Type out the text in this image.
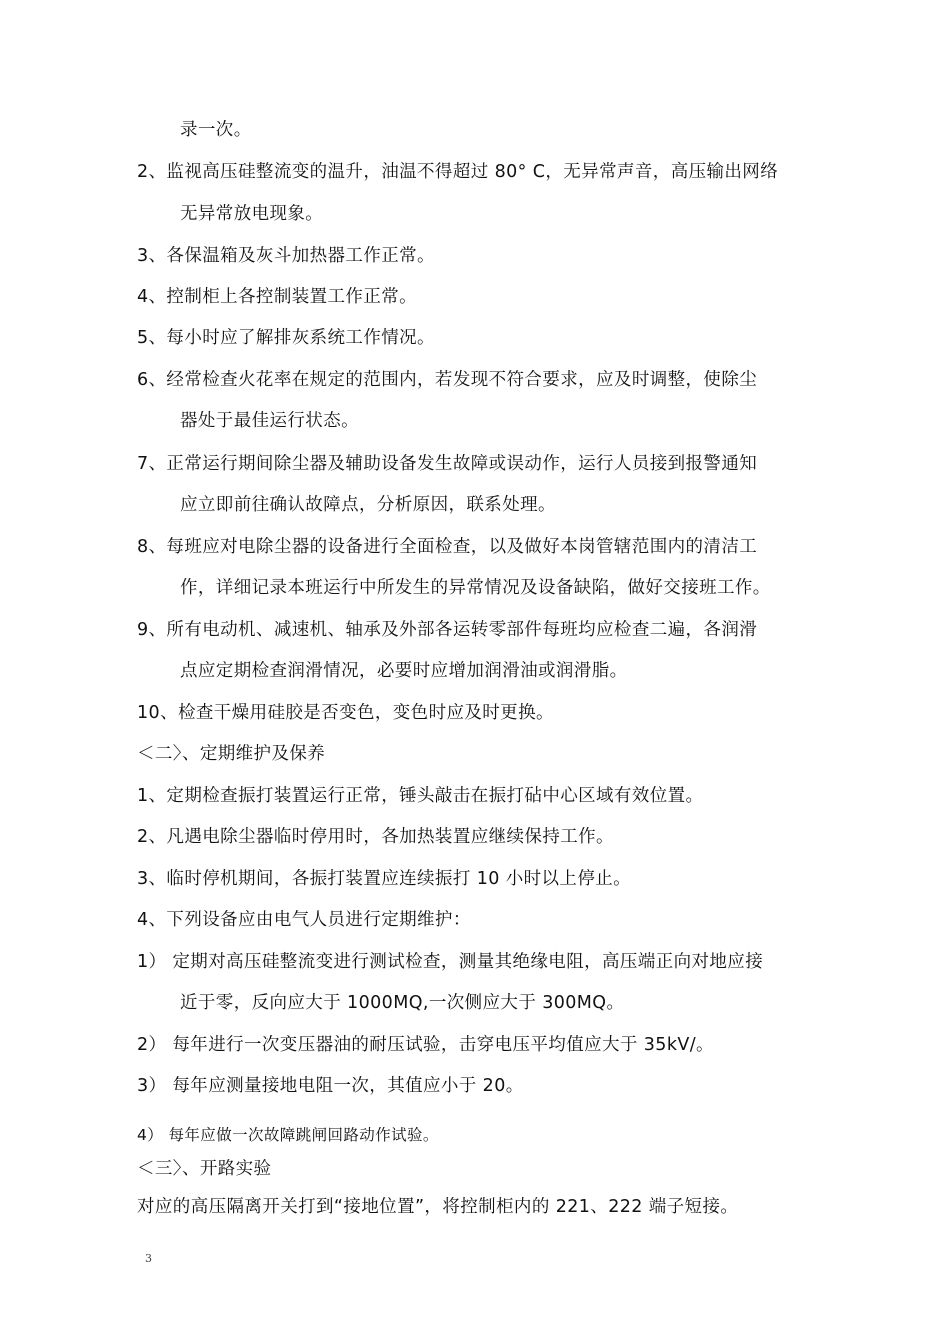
录一次。
2、监视高压硅整流变的温升，油温不得超过 80° C，无异常声音，高压输出网络
无异常放电现象。
3、各保温箱及灰斗加热器工作正常。
4、控制柜上各控制装置工作正常。
5、每小时应了解排灰系统工作情况。
6、经常检查火花率在规定的范围内，若发现不符合要求，应及时调整，使除尘
器处于最佳运行状态。
7、正常运行期间除尘器及辅助设备发生故障或误动作，运行人员接到报警通知
应立即前往确认故障点，分析原因，联系处理。
8、每班应对电除尘器的设备进行全面检查，以及做好本岗管辖范围内的清洁工
作，详细记录本班运行中所发生的异常情况及设备缺陷，做好交接班工作。
9、所有电动机、减速机、轴承及外部各运转零部件每班均应检查二遍，各润滑
点应定期检查润滑情况，必要时应增加润滑油或润滑脂。
10、检查干燥用硅胶是否变色，变色时应及时更换。
＜二〉、定期维护及保养
1、定期检查振打装置运行正常，锤头敲击在振打砧中心区域有效位置。
2、凡遇电除尘器临时停用时，各加热装置应继续保持工作。
3、临时停机期间，各振打装置应连续振打 10 小时以上停止。
4、下列设备应由电气人员进行定期维护：
1） 定期对高压硅整流变进行测试检查，测量其绝缘电阻，高压端正向对地应接
近于零，反向应大于 1000MQ,一次侧应大于 300MQ。
2） 每年进行一次变压器油的耐压试验，击穿电压平均值应大于 35kV/。
3） 每年应测量接地电阻一次，其值应小于 20。
4） 每年应做一次故障跳闸回路动作试验。
＜三〉、开路实验
对应的高压隔离开关打到“接地位置”，将控制柜内的 221、222 端子短接。
3
